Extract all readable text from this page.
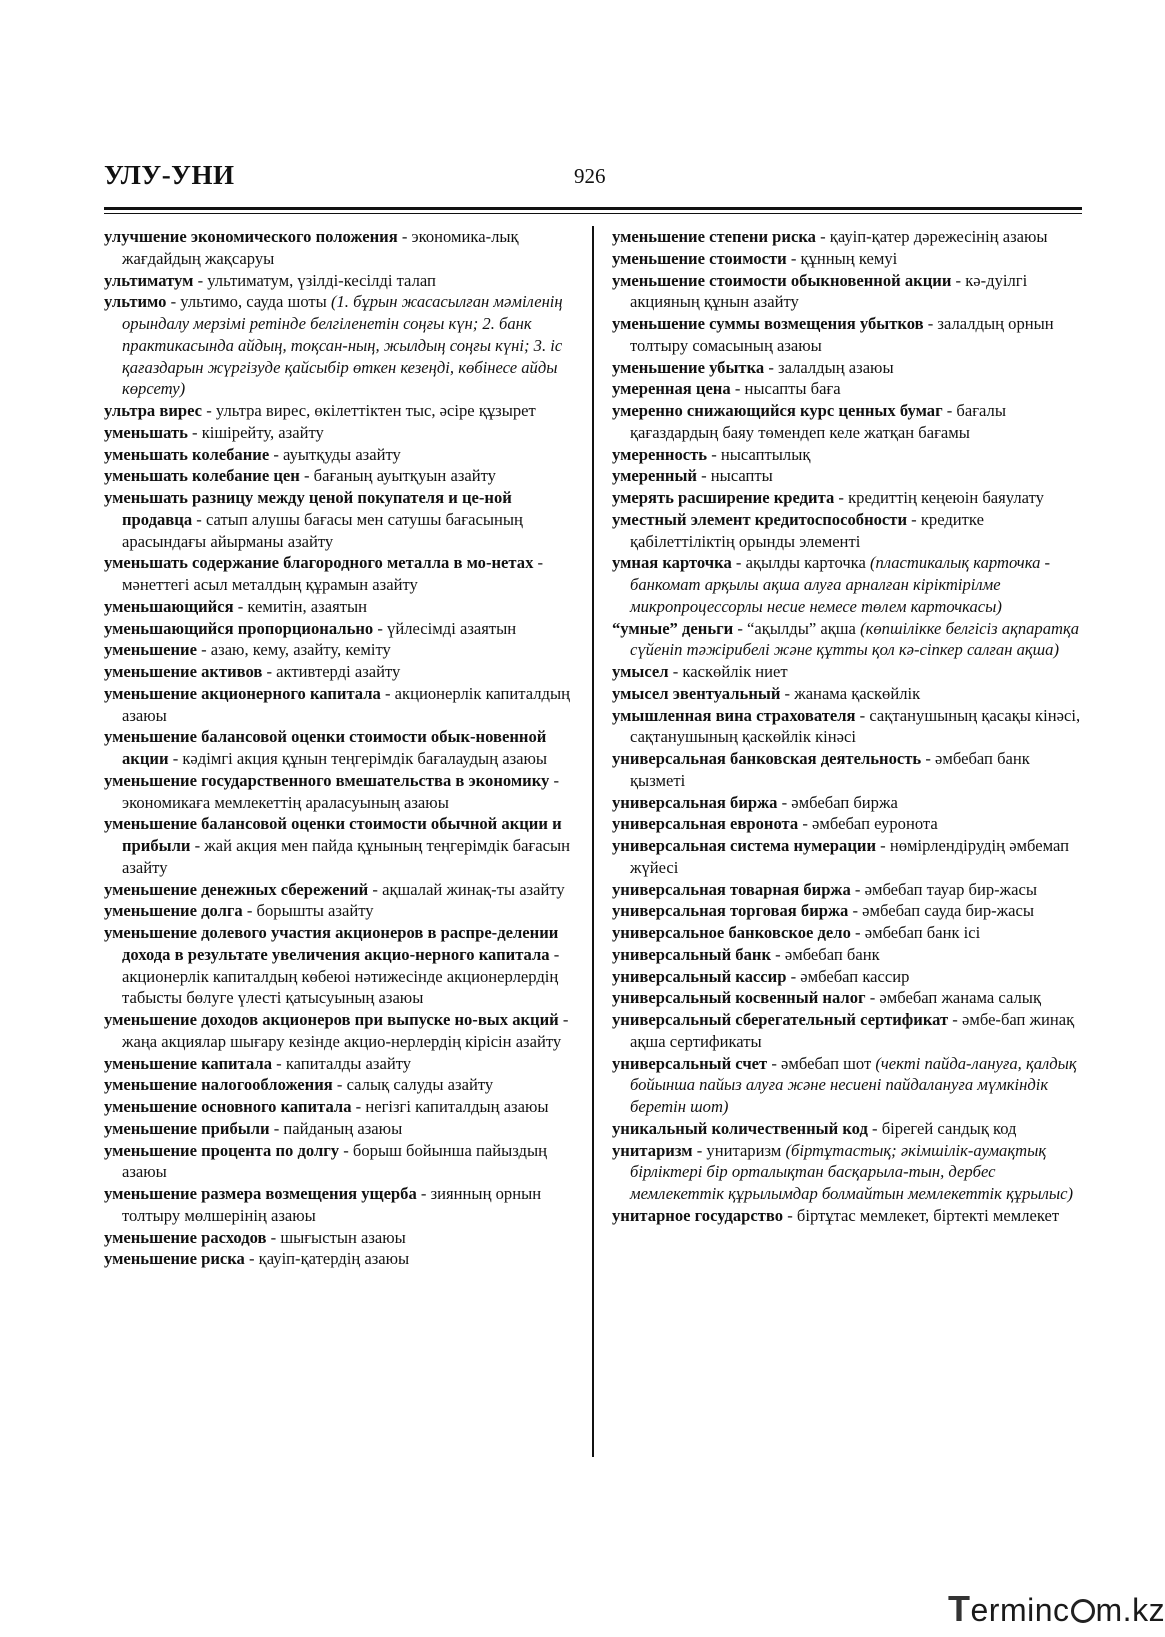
УЛУ-УНИ	926

улучшение экономического положения - экономика-лық жағдайдың жақсаруы

ультиматум - ультиматум, үзілді-кесілді талап

ультимо - ультимо, сауда шоты (1. бұрын жасасылған мәміленің орындалу мерзімі ретінде белгіленетін соңғы күн; 2. банк практикасында айдың, тоқсан-ның, жылдың соңғы күні; 3. іс қағаздарын жүргізуде қайсыбір өткен кезеңді, көбінесе айды көрсету)

ультра вирес - ультра вирес, өкілеттіктен тыс, әсіре құзырет

уменьшать - кішірейту, азайту

уменьшать колебание - ауытқуды азайту

уменьшать колебание цен - бағаның ауытқуын азайту

уменьшать разницу между ценой покупателя и це-ной продавца - сатып алушы бағасы мен сатушы бағасының арасындағы айырманы азайту

уменьшать содержание благородного металла в мо-нетах - мәнеттегі асыл металдың құрамын азайту

уменьшающийся - кемитін, азаятын

уменьшающийся пропорционально - үйлесімді азаятын

уменьшение - азаю, кему, азайту, кеміту

уменьшение активов - активтерді азайту

уменьшение акционерного капитала - акционерлік капиталдың азаюы

уменьшение балансовой оценки стоимости обык-новенной акции - кәдімгі акция құнын теңгерімдік бағалаудың азаюы

уменьшение государственного вмешательства в экономику - экономикаға мемлекеттің араласуының азаюы

уменьшение балансовой оценки стоимости обычной акции и прибыли - жай акция мен пайда құнының теңгерімдік бағасын азайту

уменьшение денежных сбережений - ақшалай жинақ-ты азайту

уменьшение долга - борышты азайту

уменьшение долевого участия акционеров в распре-делении дохода в результате увеличения акцио-нерного капитала - акционерлік капиталдың көбеюі нәтижесінде акционерлердің табысты бөлуге үлесті қатысуының азаюы

уменьшение доходов акционеров при выпуске но-вых акций - жаңа акциялар шығару кезінде акцио-нерлердің кірісін азайту

уменьшение капитала - капиталды азайту

уменьшение налогообложения - салық салуды азайту

уменьшение основного капитала - негізгі капиталдың азаюы

уменьшение прибыли - пайданың азаюы

уменьшение процента по долгу - борыш бойынша пайыздың азаюы

уменьшение размера возмещения ущерба - зиянның орнын толтыру мөлшерінің азаюы

уменьшение расходов - шығыстын азаюы

уменьшение риска - қауіп-қатердің азаюы

уменьшение степени риска - қауіп-қатер дәрежесінің азаюы

уменьшение стоимости - құнның кемуі

уменьшение стоимости обыкновенной акции - кә-дуілгі акцияның құнын азайту

уменьшение суммы возмещения убытков - залалдың орнын толтыру сомасының азаюы

уменьшение убытка - залалдың азаюы

умеренная цена - нысапты баға

умеренно снижающийся курс ценных бумаг - бағалы қағаздардың баяу төмендеп келе жатқан бағамы

умеренность - нысаптылық

умеренный - нысапты

умерять расширение кредита - кредиттің кеңеюін баяулату

уместный элемент кредитоспособности - кредитке қабілеттіліктің орынды элементі

умная карточка - ақылды карточка (пластикалық карточка - банкомат арқылы ақша алуға арналған кіріктірілме микропроцессорлы несие немесе төлем карточкасы)

“умные” деньги - “ақылды” ақша (көпшілікке белгісіз ақпаратқа сүйеніп тәжірибелі және құтты қол кә-сіпкер салған ақша)

умысел - каскөйлік ниет

умысел эвентуальный - жанама қаскөйлік

умышленная вина страхователя - сақтанушының қасақы кінәсі, сақтанушының қаскөйлік кінәсі

универсальная банковская деятельность - әмбебап банк қызметі

универсальная биржа - әмбебап биржа

универсальная евронота - әмбебап еуронота

универсальная система нумерации - нөмірлендірудің әмбемап жүйесі

универсальная товарная биржа - әмбебап тауар бир-жасы

универсальная торговая биржа - әмбебап сауда бир-жасы

универсальное банковское дело - әмбебап банк ісі

универсальный банк - әмбебап банк

универсальный кассир - әмбебап кассир

универсальный косвенный налог - әмбебап жанама салық

универсальный сберегательный сертификат - әмбе-бап жинақ ақша сертификаты

универсальный счет - әмбебап шот (чекті пайда-лануға, қалдық бойынша пайыз алуға және несиені пайдалануға мүмкіндік беретін шот)

уникальный количественный код - бірегей сандық код

унитаризм - унитаризм (біртұтастық; әкімшілік-аумақтық бірліктері бір орталықтан басқарыла-тын, дербес мемлекеттік құрылымдар болмайтын мемлекеттік құрылыс)

унитарное государство - біртұтас мемлекет, біртекті мемлекет

Terminc m.kz
